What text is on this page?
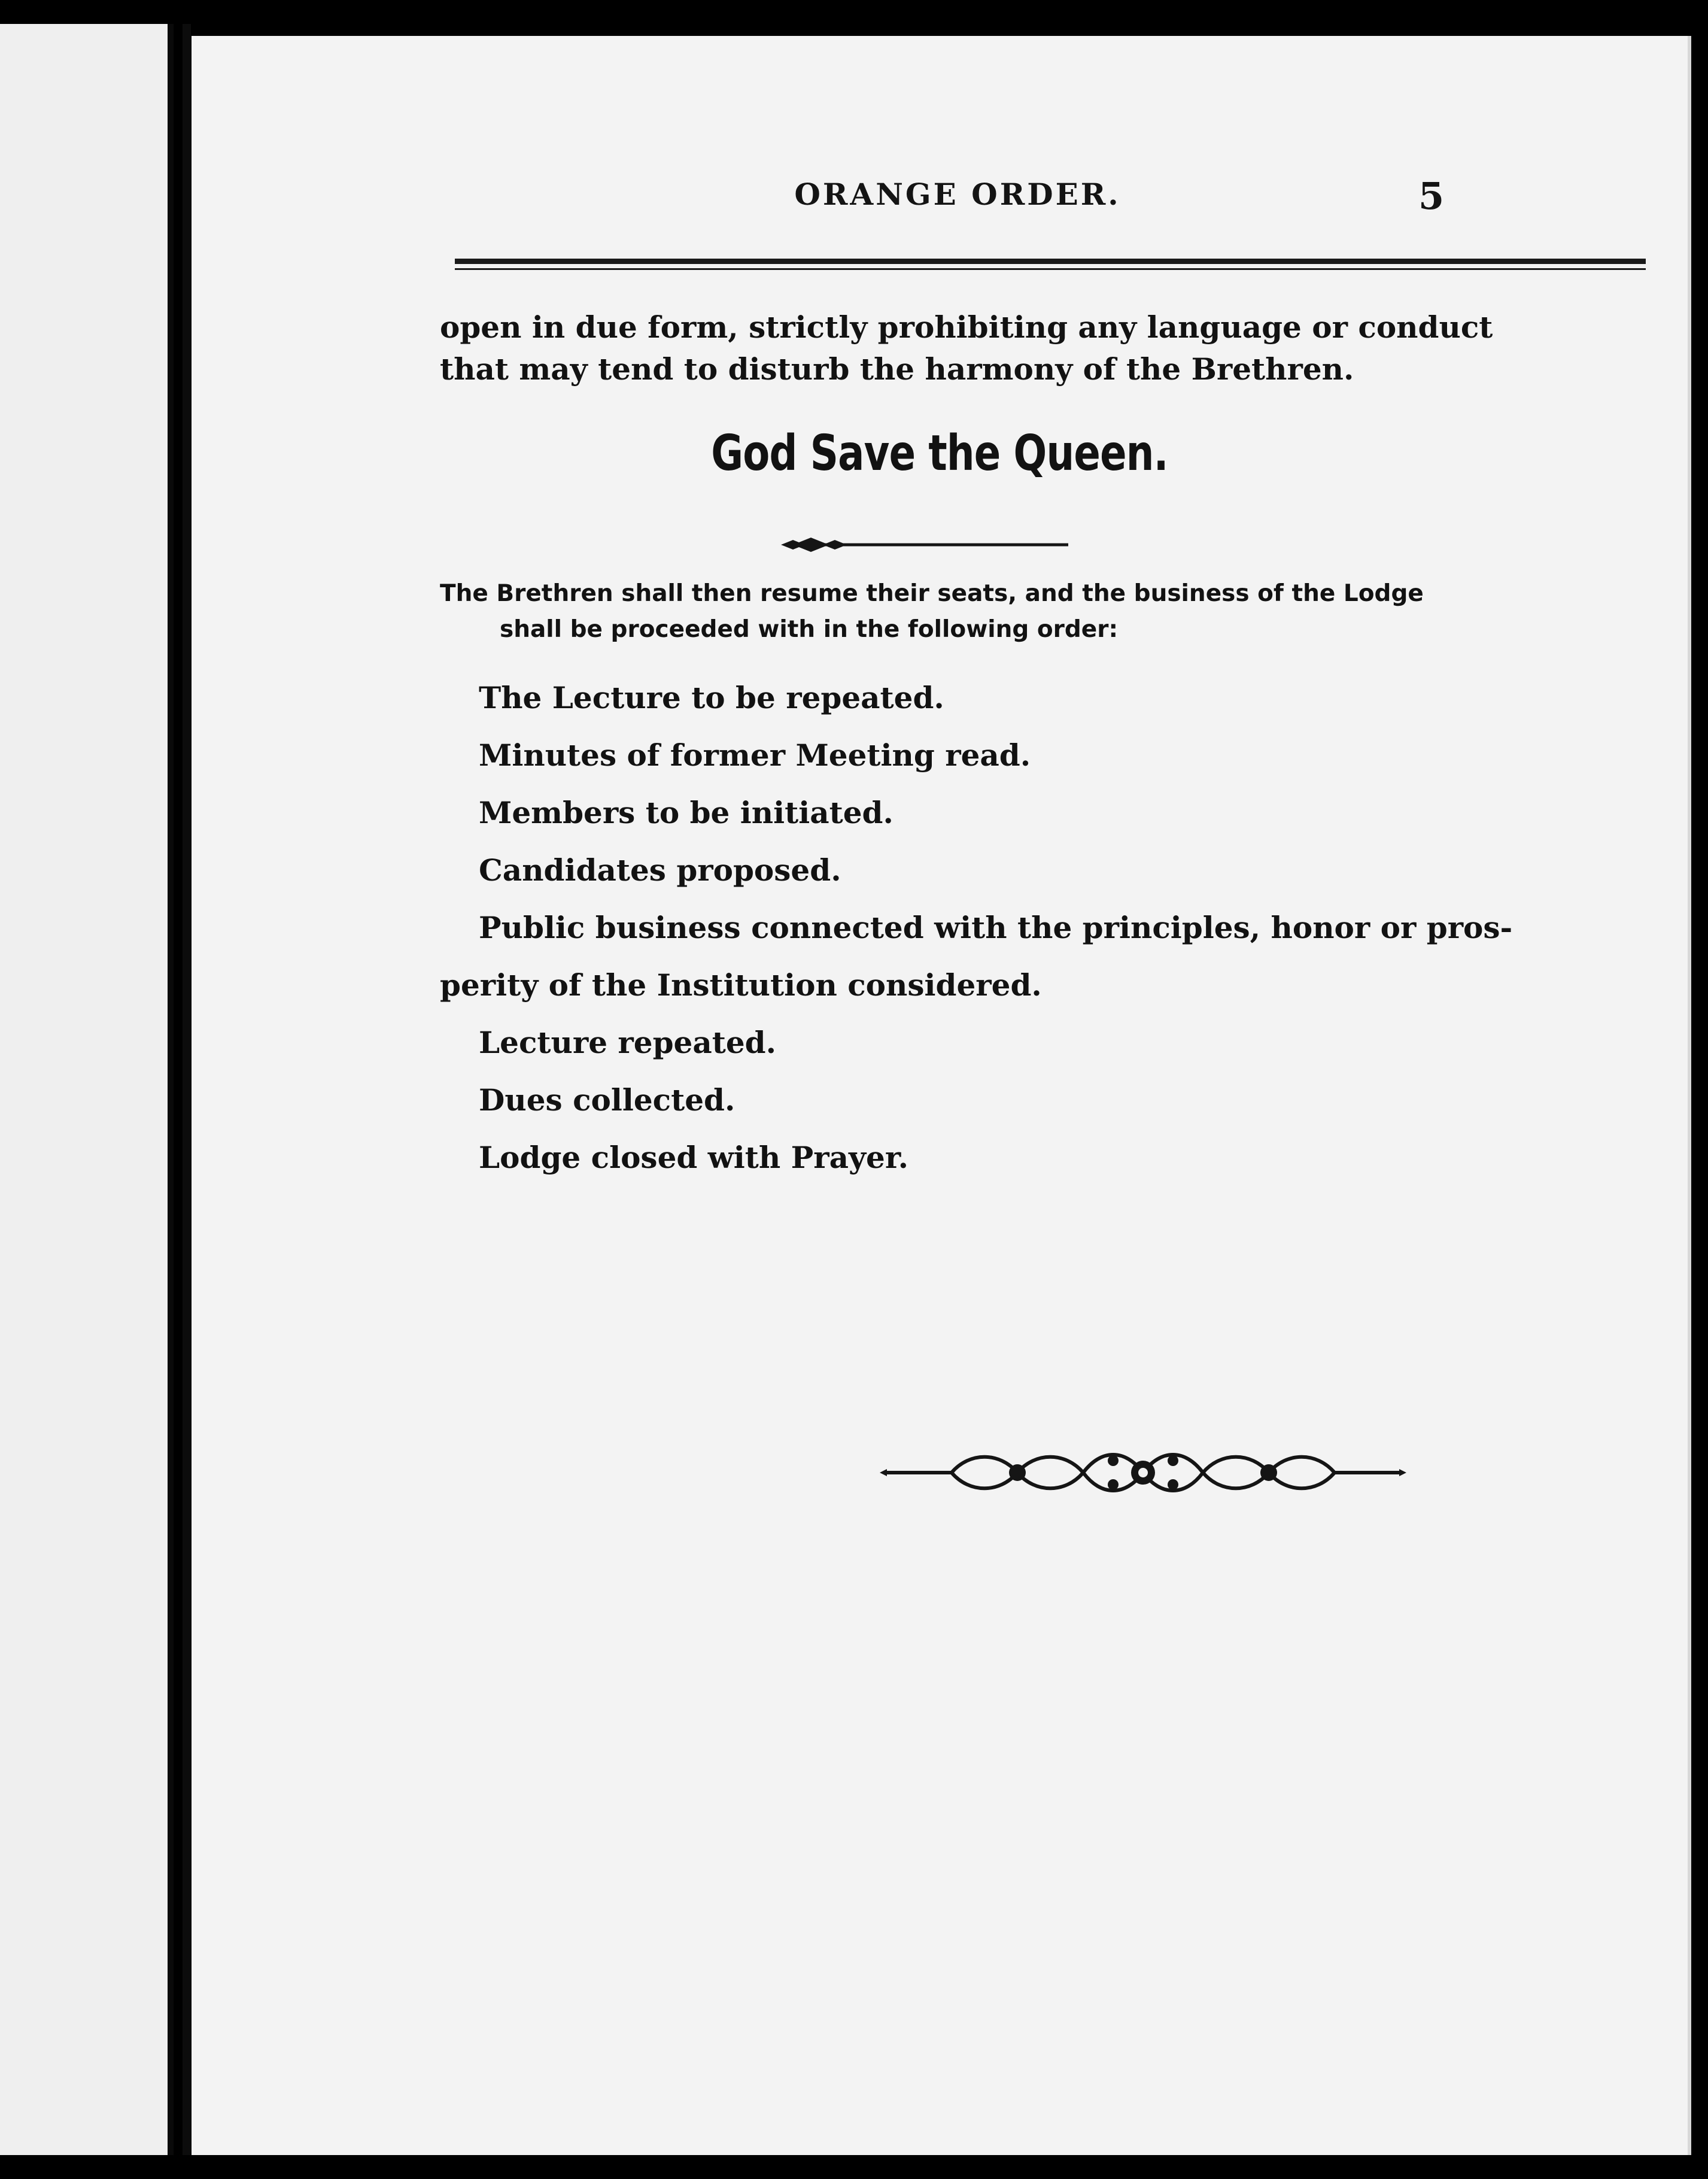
ORANGE ORDER.	5
open in due form, strictly prohibiting any language or conduct
that may tend to disturb the harmony of the Brethren.
God Save the Queen.
The Brethren shall then resume their seats, and the business of the Lodge
shall be proceeded with in the following order:
The Lecture to be repeated.
Minutes of former Meeting read.
Members to be initiated.
Candidates proposed.
Public business connected with the principles, honor or pros-
perity of the Institution considered.
Lecture repeated.
Dues collected.
Lodge closed with Prayer.
